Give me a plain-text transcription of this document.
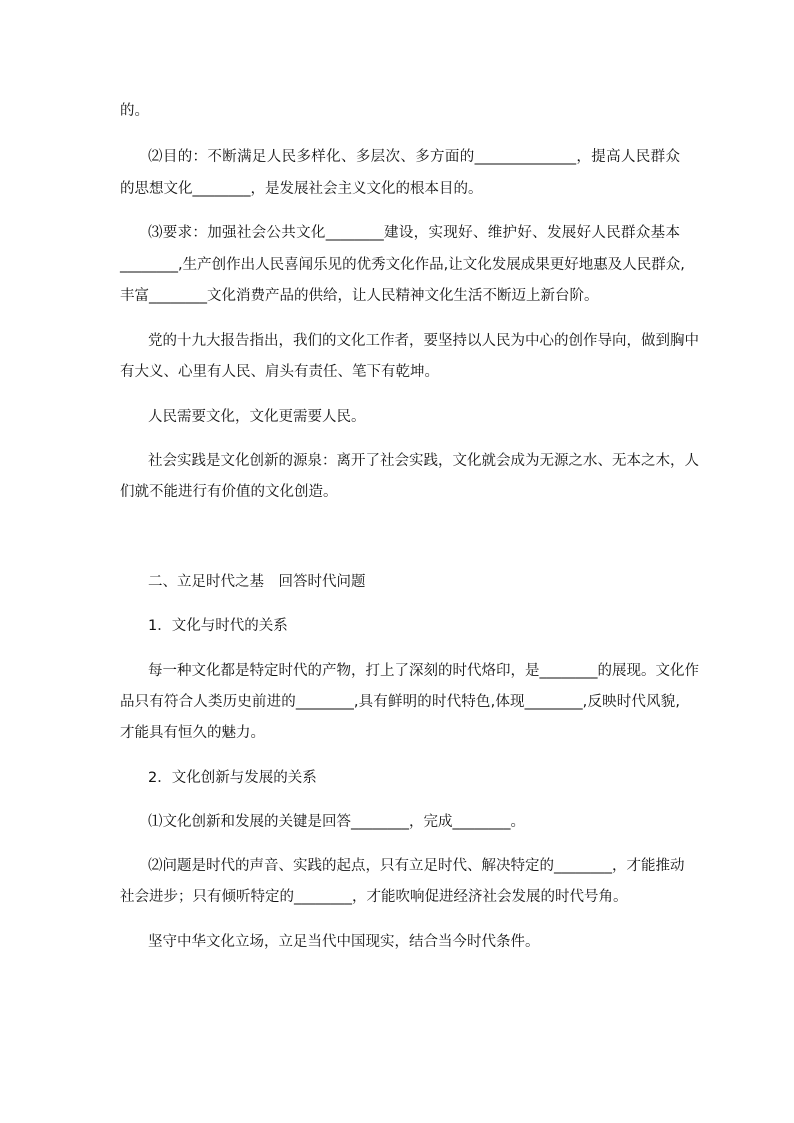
的。
⑵目的：不断满足人民多样化、多层次、多方面的______________，提高人民群众
的思想文化________，是发展社会主义文化的根本目的。
⑶要求：加强社会公共文化________建设，实现好、维护好、发展好人民群众基本
________,生产创作出人民喜闻乐见的优秀文化作品,让文化发展成果更好地惠及人民群众,
丰富________文化消费产品的供给，让人民精神文化生活不断迈上新台阶。
党的十九大报告指出，我们的文化工作者，要坚持以人民为中心的创作导向，做到胸中
有大义、心里有人民、肩头有责任、笔下有乾坤。
人民需要文化，文化更需要人民。
社会实践是文化创新的源泉：离开了社会实践，文化就会成为无源之水、无本之木，人
们就不能进行有价值的文化创造。
二、立足时代之基　回答时代问题
1．文化与时代的关系
每一种文化都是特定时代的产物，打上了深刻的时代烙印，是________的展现。文化作
品只有符合人类历史前进的________,具有鲜明的时代特色,体现________,反映时代风貌,
才能具有恒久的魅力。
2．文化创新与发展的关系
⑴文化创新和发展的关键是回答________，完成________。
⑵问题是时代的声音、实践的起点，只有立足时代、解决特定的________，才能推动
社会进步；只有倾听特定的________，才能吹响促进经济社会发展的时代号角。
坚守中华文化立场，立足当代中国现实，结合当今时代条件。
